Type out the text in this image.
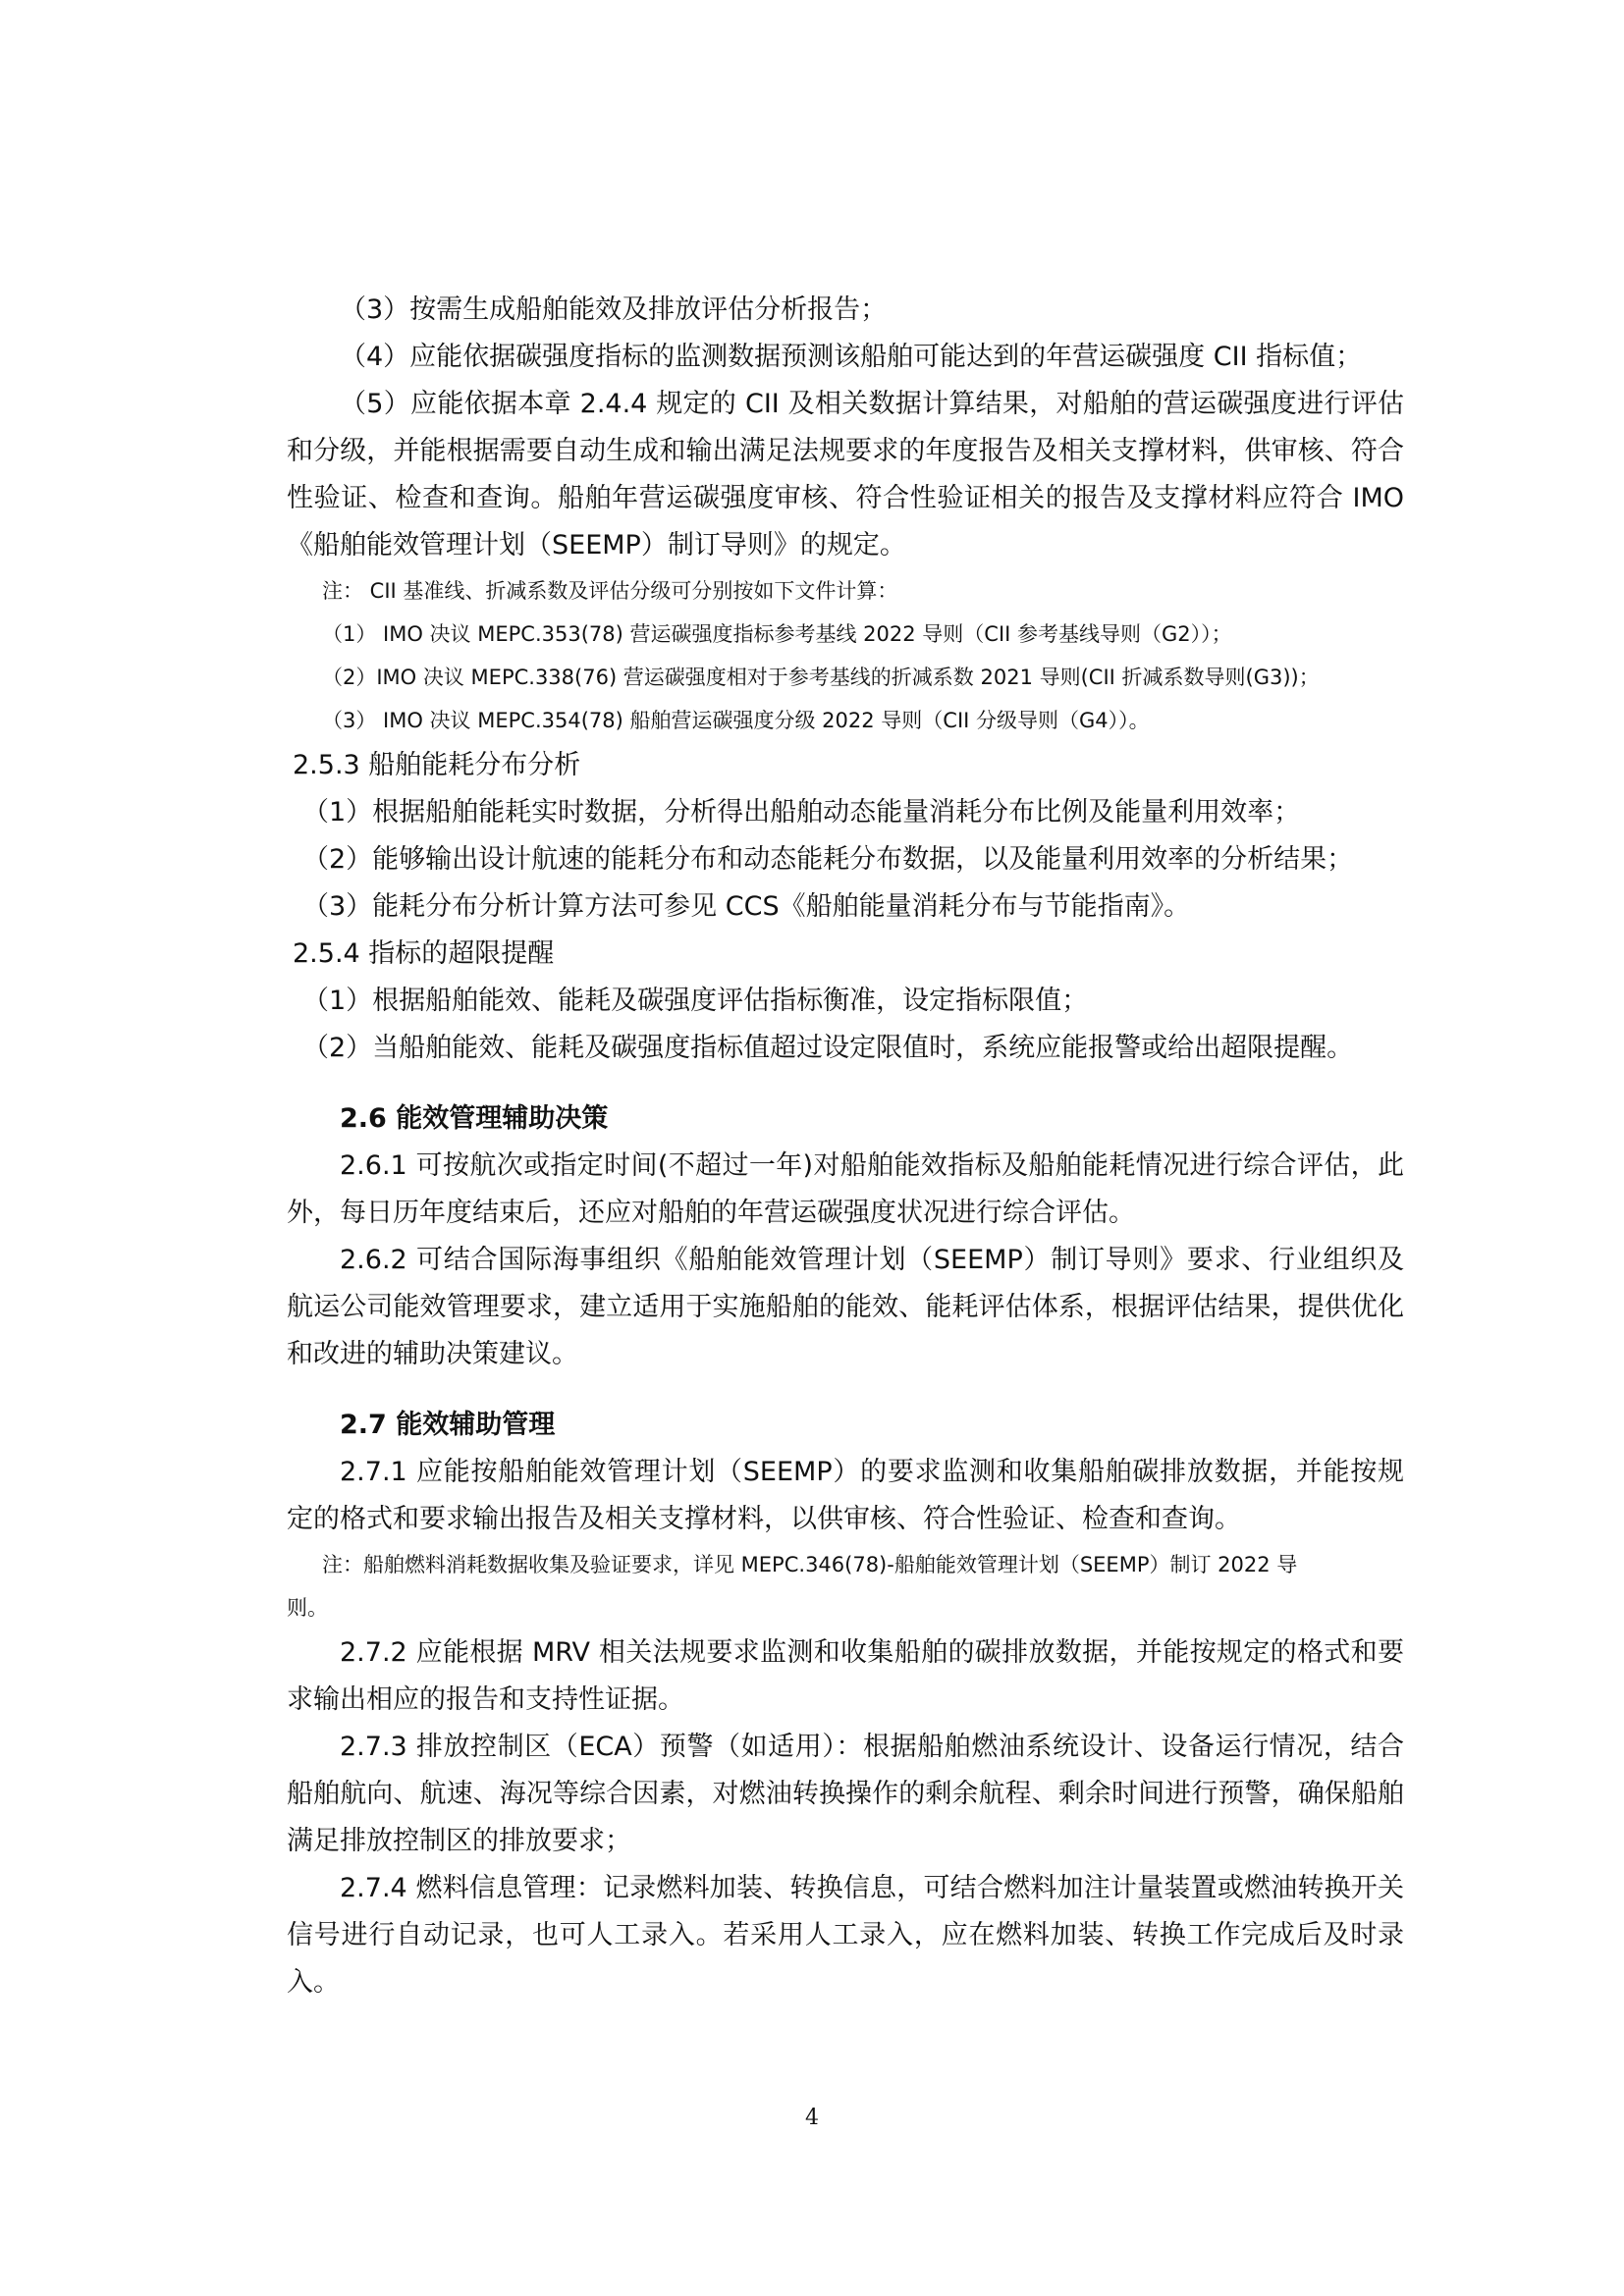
（3）按需生成船舶能效及排放评估分析报告；

（4）应能依据碳强度指标的监测数据预测该船舶可能达到的年营运碳强度 CII 指标值；

（5）应能依据本章 2.4.4 规定的 CII 及相关数据计算结果，对船舶的营运碳强度进行评估和分级，并能根据需要自动生成和输出满足法规要求的年度报告及相关支撑材料，供审核、符合性验证、检查和查询。船舶年营运碳强度审核、符合性验证相关的报告及支撑材料应符合 IMO《船舶能效管理计划（SEEMP）制订导则》的规定。

注： CII 基准线、折减系数及评估分级可分别按如下文件计算：

（1） IMO 决议 MEPC.353(78) 营运碳强度指标参考基线 2022 导则（CII 参考基线导则（G2））；

（2）IMO 决议 MEPC.338(76) 营运碳强度相对于参考基线的折减系数 2021 导则(CII 折减系数导则(G3))；

（3） IMO 决议 MEPC.354(78) 船舶营运碳强度分级 2022 导则（CII 分级导则（G4））。

2.5.3 船舶能耗分布分析

（1）根据船舶能耗实时数据，分析得出船舶动态能量消耗分布比例及能量利用效率；

（2）能够输出设计航速的能耗分布和动态能耗分布数据，以及能量利用效率的分析结果；

（3）能耗分布分析计算方法可参见 CCS《船舶能量消耗分布与节能指南》。

2.5.4 指标的超限提醒

（1）根据船舶能效、能耗及碳强度评估指标衡准，设定指标限值；

（2）当船舶能效、能耗及碳强度指标值超过设定限值时，系统应能报警或给出超限提醒。

2.6 能效管理辅助决策

2.6.1 可按航次或指定时间(不超过一年)对船舶能效指标及船舶能耗情况进行综合评估，此外，每日历年度结束后，还应对船舶的年营运碳强度状况进行综合评估。

2.6.2 可结合国际海事组织《船舶能效管理计划（SEEMP）制订导则》要求、行业组织及航运公司能效管理要求，建立适用于实施船舶的能效、能耗评估体系，根据评估结果，提供优化和改进的辅助决策建议。

2.7 能效辅助管理

2.7.1 应能按船舶能效管理计划（SEEMP）的要求监测和收集船舶碳排放数据，并能按规定的格式和要求输出报告及相关支撑材料，以供审核、符合性验证、检查和查询。

注：船舶燃料消耗数据收集及验证要求，详见 MEPC.346(78)-船舶能效管理计划（SEEMP）制订 2022 导

则。

2.7.2 应能根据 MRV 相关法规要求监测和收集船舶的碳排放数据，并能按规定的格式和要求输出相应的报告和支持性证据。

2.7.3 排放控制区（ECA）预警（如适用）：根据船舶燃油系统设计、设备运行情况，结合船舶航向、航速、海况等综合因素，对燃油转换操作的剩余航程、剩余时间进行预警，确保船舶满足排放控制区的排放要求；

2.7.4 燃料信息管理：记录燃料加装、转换信息，可结合燃料加注计量装置或燃油转换开关信号进行自动记录，也可人工录入。若采用人工录入，应在燃料加装、转换工作完成后及时录入。

4
